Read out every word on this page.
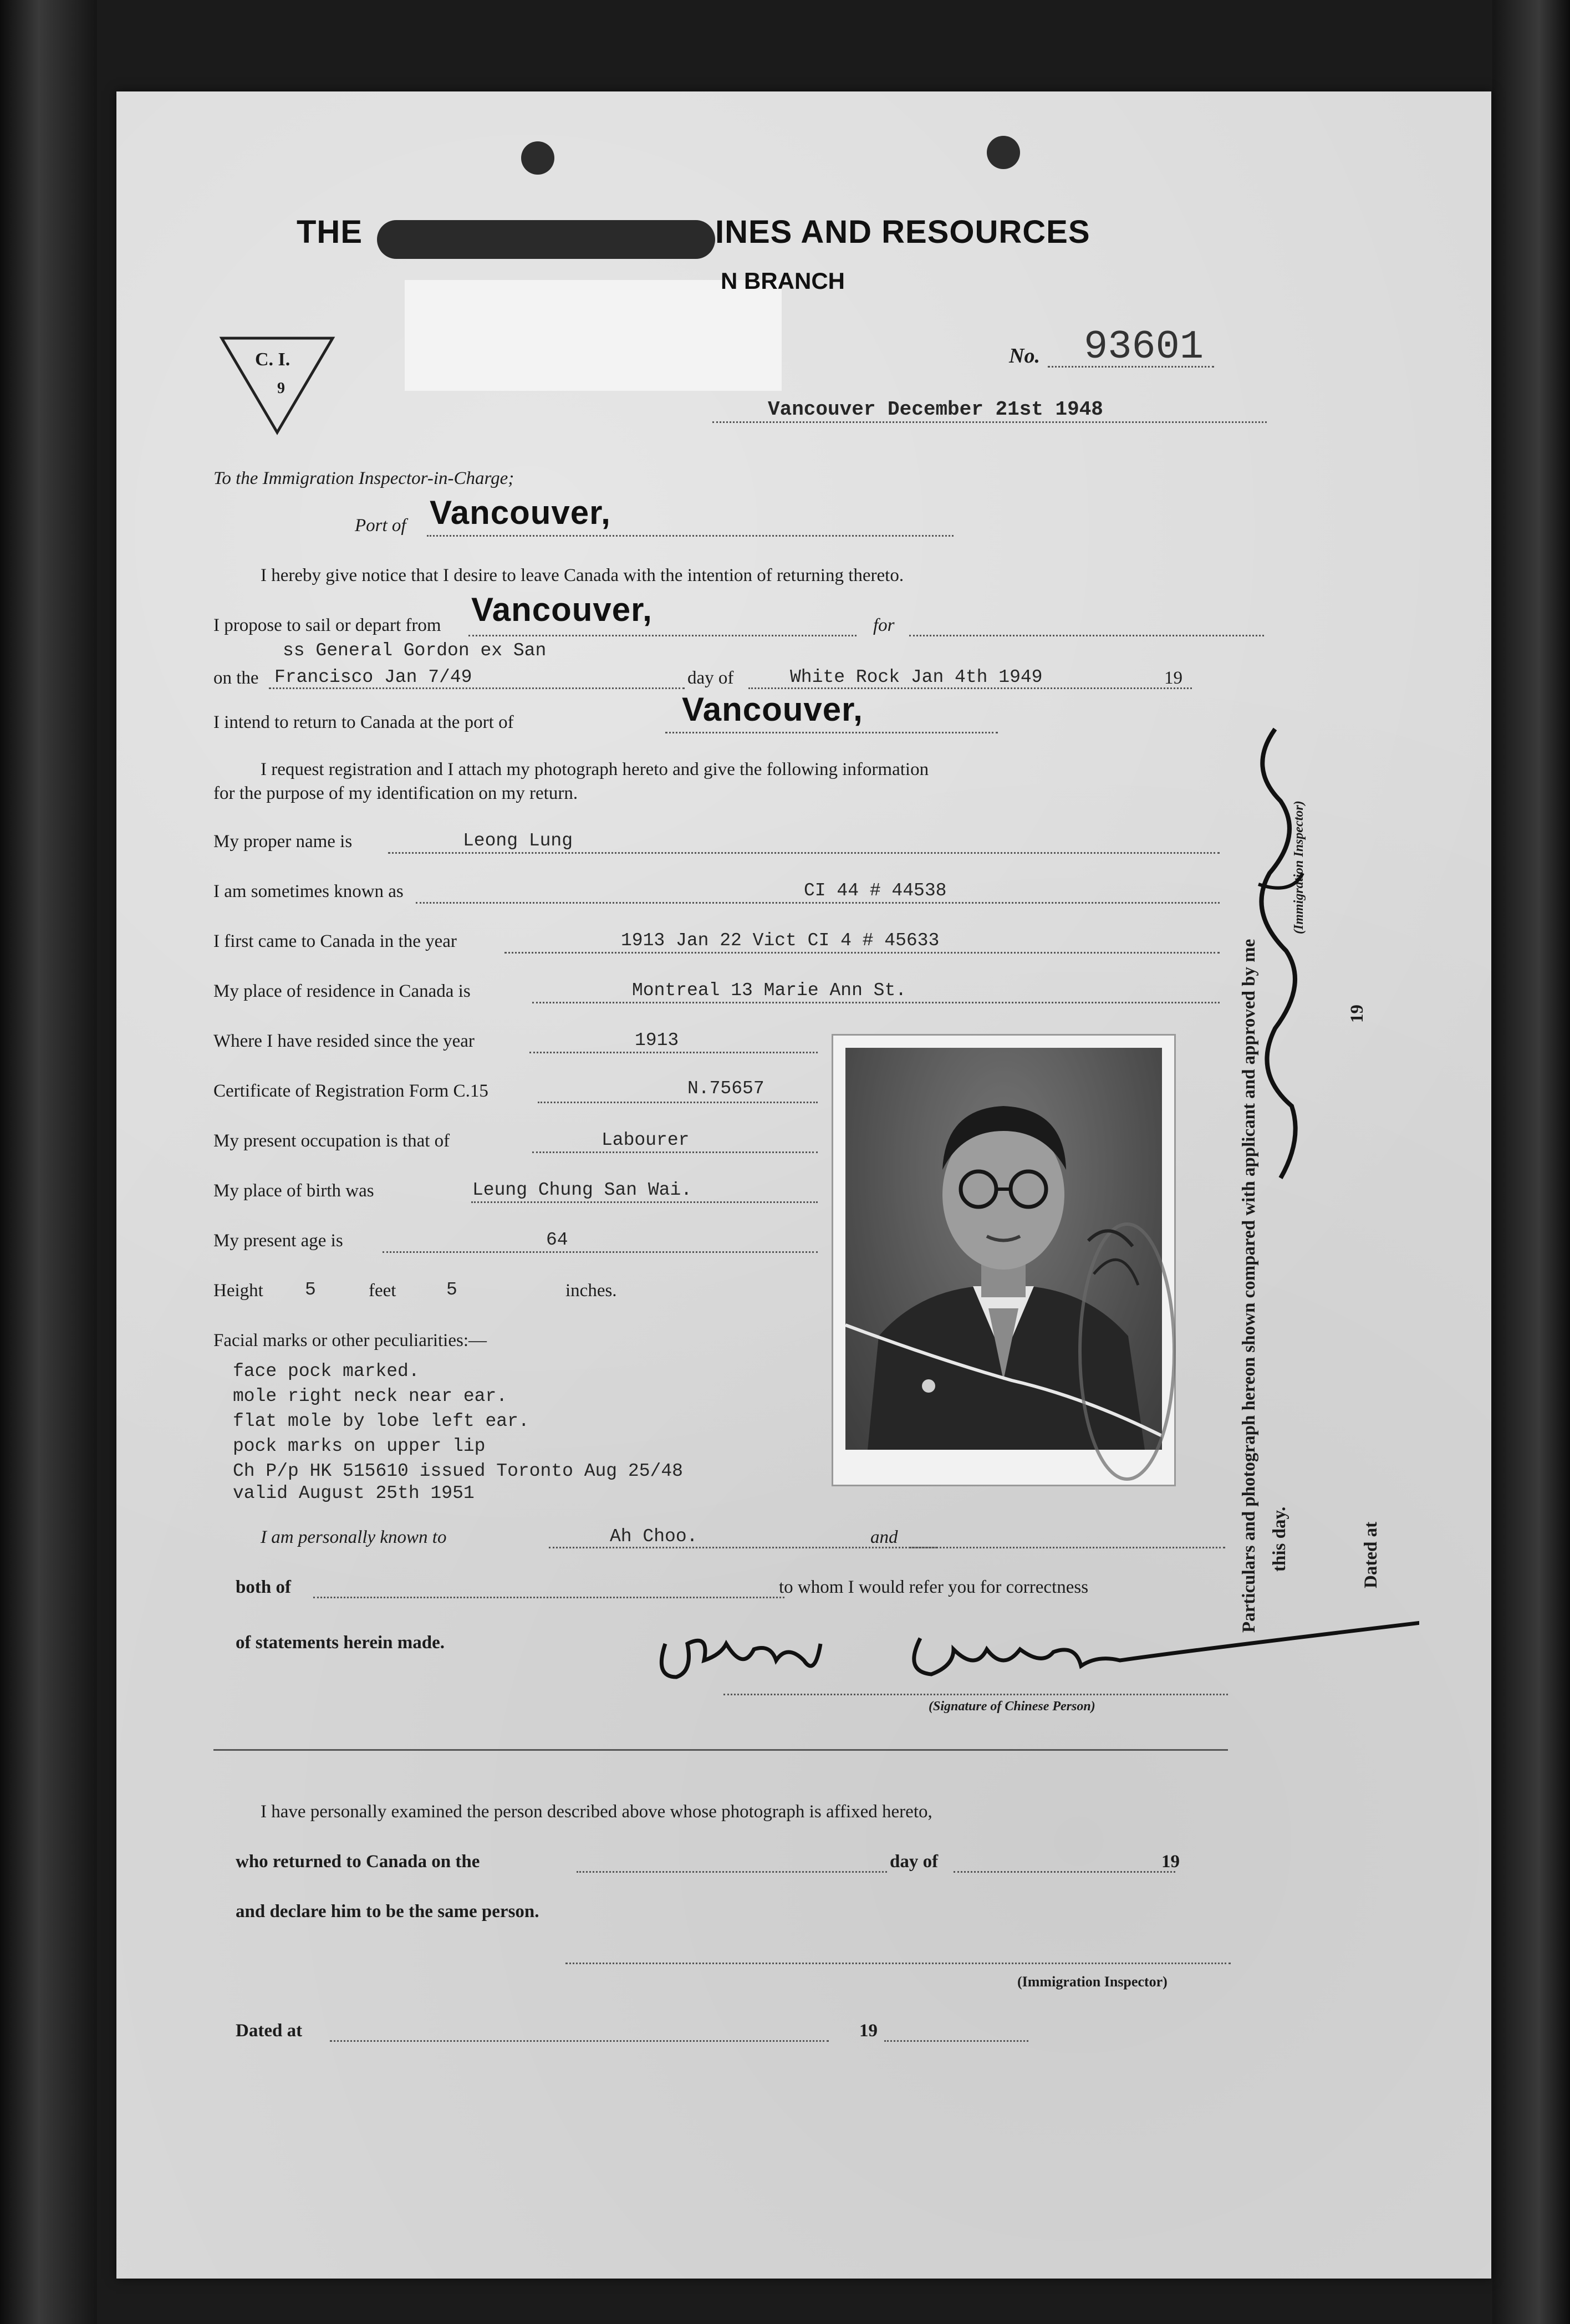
THE	INES AND RESOURCES
N BRANCH
C. I.
9
No. 93601
Vancouver December 21st 1948
To the Immigration Inspector-in-Charge;
Port of Vancouver,
I hereby give notice that I desire to leave Canada with the intention of returning thereto.
I propose to sail or depart from Vancouver,	for
ss General Gordon ex San
on the Francisco Jan 7/49	day of	White Rock Jan 4th 1949	19
I intend to return to Canada at the port of	Vancouver,
I request registration and I attach my photograph hereto and give the following information
for the purpose of my identification on my return.
My proper name is	Leong Lung
I am sometimes known as	CI 44 # 44538
I first came to Canada in the year	1913 Jan 22 Vict CI 4 # 45633
My place of residence in Canada is	Montreal 13 Marie Ann St.
Where I have resided since the year	1913
Certificate of Registration Form C.15	N.75657
My present occupation is that of	Labourer
My place of birth was	Leung Chung San Wai.
My present age is	64
Height 5	feet	5	inches.
Facial marks or other peculiarities:—
face pock marked.
mole right neck near ear.
flat mole by lobe left ear.
pock marks on upper lip
Ch P/p HK 515610 issued Toronto Aug 25/48
valid August 25th 1951
I am personally known to	Ah Choo.	and
both of	to whom I would refer you for correctness
of statements herein made.
(Signature of Chinese Person)
Particulars and photograph hereon shown compared with applicant and approved by me this day.
19
Dated at
(Immigration Inspector)
I have personally examined the person described above whose photograph is affixed hereto,
who returned to Canada on the	day of	19
and declare him to be the same person.
(Immigration Inspector)
Dated at	19
